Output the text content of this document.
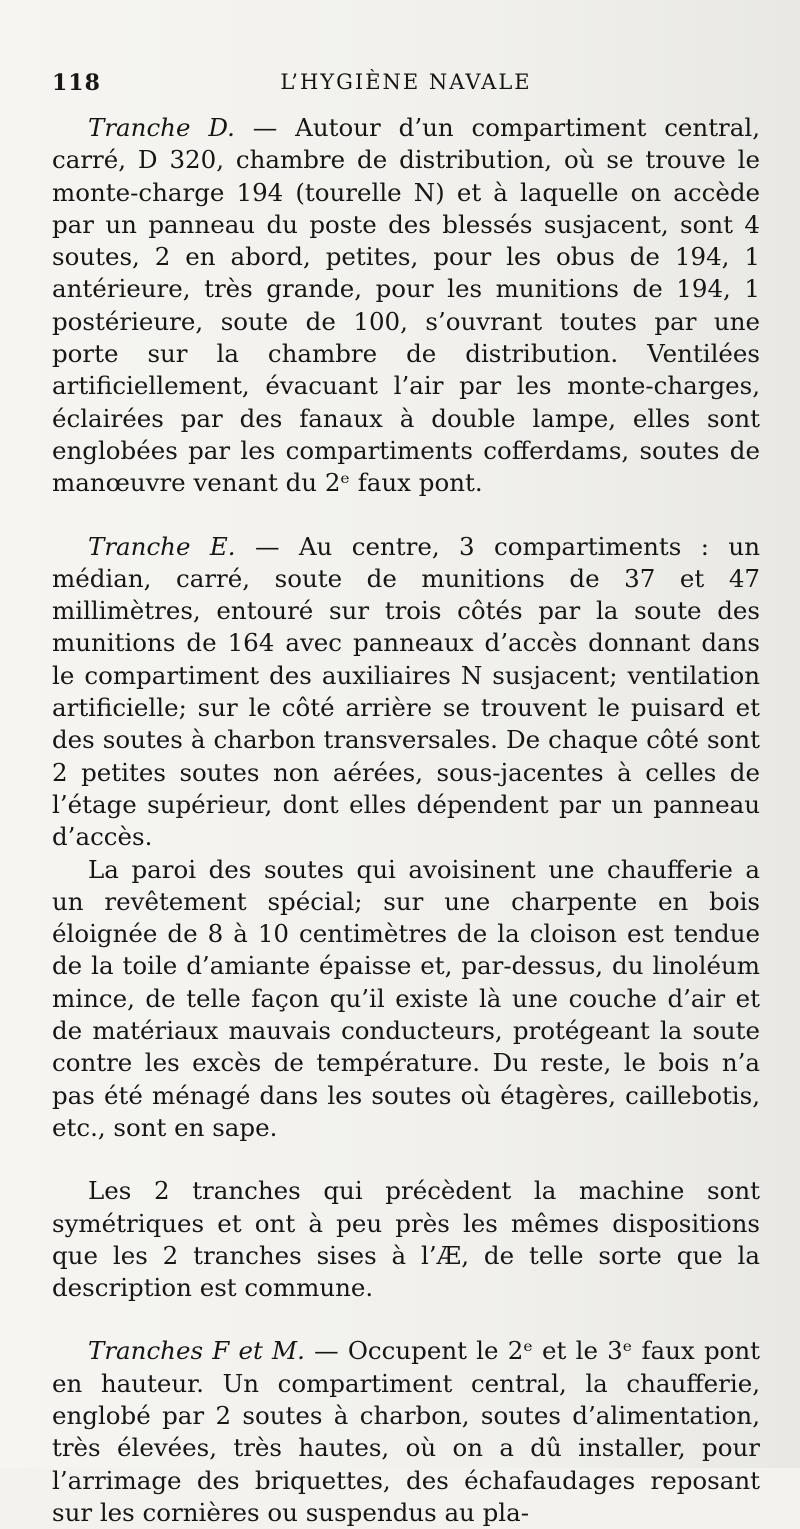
118	L’HYGIÈNE NAVALE

Tranche D. — Autour d’un compartiment central, carré, D 320, chambre de distribution, où se trouve le monte-charge 194 (tourelle N) et à laquelle on accède par un panneau du poste des blessés susjacent, sont 4 soutes, 2 en abord, petites, pour les obus de 194, 1 antérieure, très grande, pour les munitions de 194, 1 postérieure, soute de 100, s’ouvrant toutes par une porte sur la chambre de distribution. Ventilées artificiellement, évacuant l’air par les monte-charges, éclairées par des fanaux à double lampe, elles sont englobées par les compartiments cofferdams, soutes de manœuvre venant du 2ᵉ faux pont.

Tranche E. — Au centre, 3 compartiments : un médian, carré, soute de munitions de 37 et 47 millimètres, entouré sur trois côtés par la soute des munitions de 164 avec panneaux d’accès donnant dans le compartiment des auxiliaires N susjacent; ventilation artificielle; sur le côté arrière se trouvent le puisard et des soutes à charbon transversales. De chaque côté sont 2 petites soutes non aérées, sous-jacentes à celles de l’étage supérieur, dont elles dépendent par un panneau d’accès.

La paroi des soutes qui avoisinent une chaufferie a un revêtement spécial; sur une charpente en bois éloignée de 8 à 10 centimètres de la cloison est tendue de la toile d’amiante épaisse et, par-dessus, du linoléum mince, de telle façon qu’il existe là une couche d’air et de matériaux mauvais conducteurs, protégeant la soute contre les excès de température. Du reste, le bois n’a pas été ménagé dans les soutes où étagères, caillebotis, etc., sont en sape.

Les 2 tranches qui précèdent la machine sont symétriques et ont à peu près les mêmes dispositions que les 2 tranches sises à l’Æ, de telle sorte que la description est commune.

Tranches F et M. — Occupent le 2ᵉ et le 3ᵉ faux pont en hauteur. Un compartiment central, la chaufferie, englobé par 2 soutes à charbon, soutes d’alimentation, très élevées, très hautes, où on a dû installer, pour l’arrimage des briquettes, des échafaudages reposant sur les cornières ou suspendus au pla-
